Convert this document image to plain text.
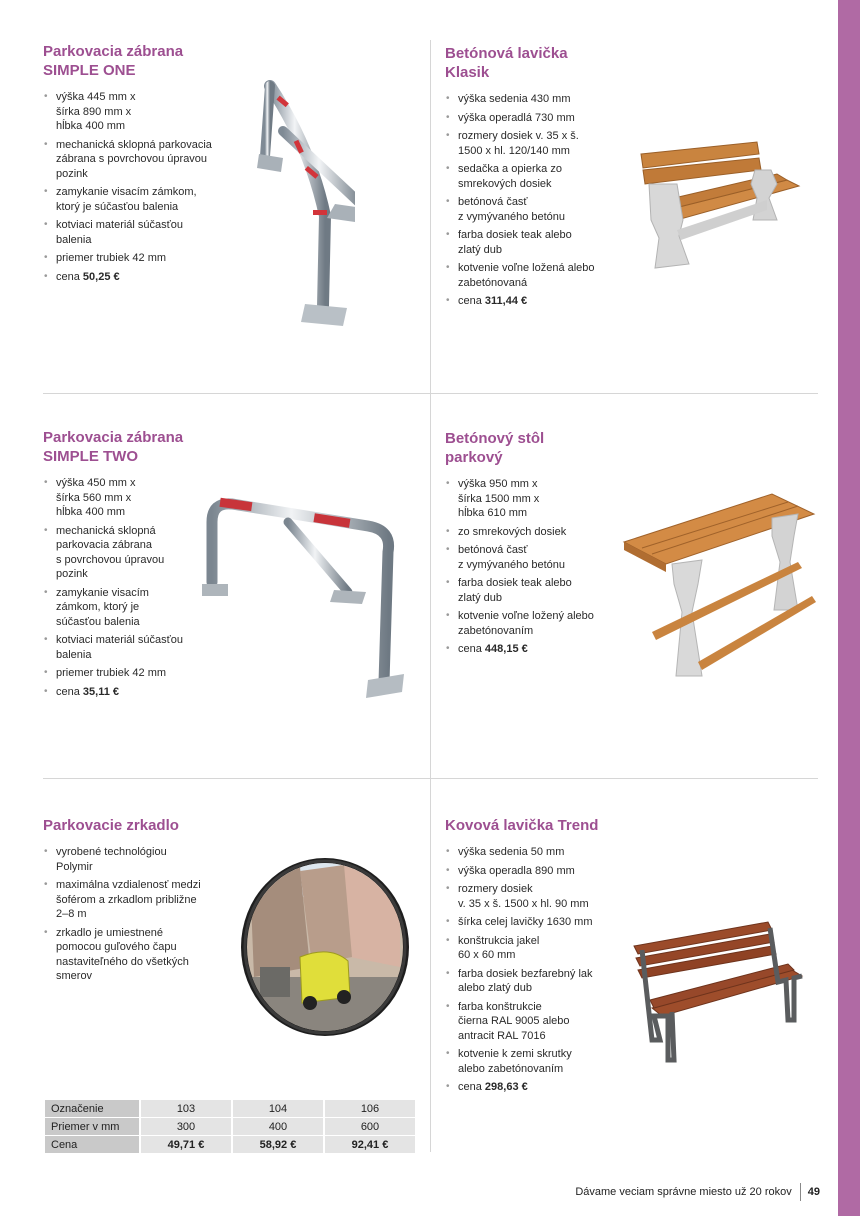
Parkovacia zábrana
SIMPLE ONE
• výška 445 mm x
šírka 890 mm x
hĺbka 400 mm
• mechanická sklopná parkovacia
zábrana s povrchovou úpravou
pozink
• zamykanie visacím zámkom,
ktorý je súčasťou balenia
• kotviaci materiál súčasťou
balenia
• priemer trubiek 42 mm
• cena 50,25 €
Betónová lavička
Klasik
• výška sedenia 430 mm
• výška operadlá 730 mm
• rozmery dosiek v. 35 x š.
1500 x hl. 120/140 mm
• sedačka a opierka zo
smrekových dosiek
• betónová časť
z vymývaného betónu
• farba dosiek teak alebo
zlatý dub
• kotvenie voľne ložená alebo
zabetónovaná
• cena 311,44 €
Parkovacia zábrana
SIMPLE TWO
• výška 450 mm x
šírka 560 mm x
hĺbka 400 mm
• mechanická sklopná
parkovacia zábrana
s povrchovou úpravou
pozink
• zamykanie visacím
zámkom, ktorý je
súčasťou balenia
• kotviaci materiál súčasťou
balenia
• priemer trubiek 42 mm
• cena 35,11 €
Betónový stôl
parkový
• výška 950 mm x
šírka 1500 mm x
hĺbka 610 mm
• zo smrekových dosiek
• betónová časť
z vymývaného betónu
• farba dosiek teak alebo
zlatý dub
• kotvenie voľne ložený alebo
zabetónovaním
• cena 448,15 €
Parkovacie zrkadlo
• vyrobené technológiou
Polymir
• maximálna vzdialenosť medzi
šoférom a zrkadlom približne
2–8 m
• zrkadlo je umiestnené
pomocou guľového čapu
nastaviteľného do všetkých
smerov
Kovová lavička Trend
• výška sedenia 50 mm
• výška operadla 890 mm
• rozmery dosiek
v. 35 x š. 1500 x hl. 90 mm
• šírka celej lavičky 1630 mm
• konštrukcia jakel
60 x 60 mm
• farba dosiek bezfarebný lak
alebo zlatý dub
• farba konštrukcie
čierna RAL 9005 alebo
antracit RAL 7016
• kotvenie k zemi skrutky
alebo zabetónovaním
• cena 298,63 €
Označenie	103	104	106
Priemer v mm	300	400	600
Cena	49,71 €	58,92 €	92,41 €
Dávame veciam správne miesto už 20 rokov 49
